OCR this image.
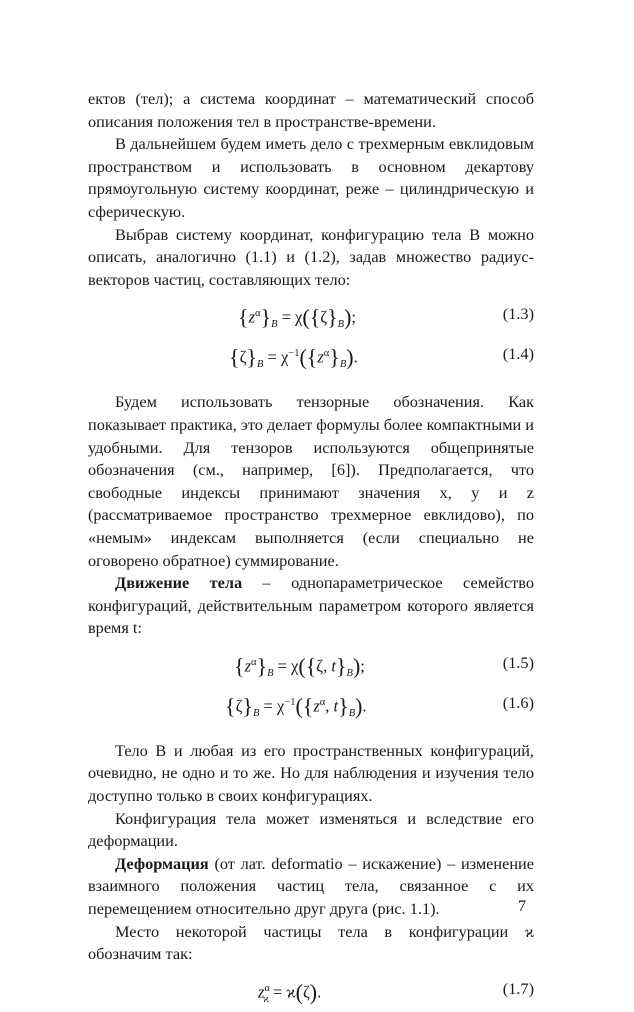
ектов (тел); а система координат – математический способ описания положения тел в пространстве-времени.

В дальнейшем будем иметь дело с трехмерным евклидовым пространством и использовать в основном декартову прямоугольную систему координат, реже – цилиндрическую и сферическую.

Выбрав систему координат, конфигурацию тела B можно описать, аналогично (1.1) и (1.2), задав множество радиус-векторов частиц, составляющих тело:

$\{z^\alpha\}_B = \chi(\{\zeta\}_B)$;	(1.3)
$\{\zeta\}_B = \chi^{-1}(\{z^\alpha\}_B)$.	(1.4)

Будем использовать тензорные обозначения. Как показывает практика, это делает формулы более компактными и удобными. Для тензоров используются общепринятые обозначения (см., например, [6]). Предполагается, что свободные индексы принимают значения x, y и z (рассматриваемое пространство трехмерное евклидово), по «немым» индексам выполняется (если специально не оговорено обратное) суммирование.

Движение тела – однопараметрическое семейство конфигураций, действительным параметром которого является время t:

$\{z^\alpha\}_B = \chi(\{\zeta$, $t\}_B$);	(1.5)
$\{\zeta\}_B = \chi^{-1}(\{z^\alpha$, $t\}_B$).	(1.6)

Тело B и любая из его пространственных конфигураций, очевидно, не одно и то же. Но для наблюдения и изучения тело доступно только в своих конфигурациях.

Конфигурация тела может изменяться и вследствие его деформации.

Деформация (от лат. deformatio – искажение) – изменение взаимного положения частиц тела, связанное с их перемещением относительно друг друга (рис. 1.1).

Место некоторой частицы тела в конфигурации ϰ обозначим так:

$z^\alpha_ϰ = ϰ(\zeta)$.	(1.7)
7
